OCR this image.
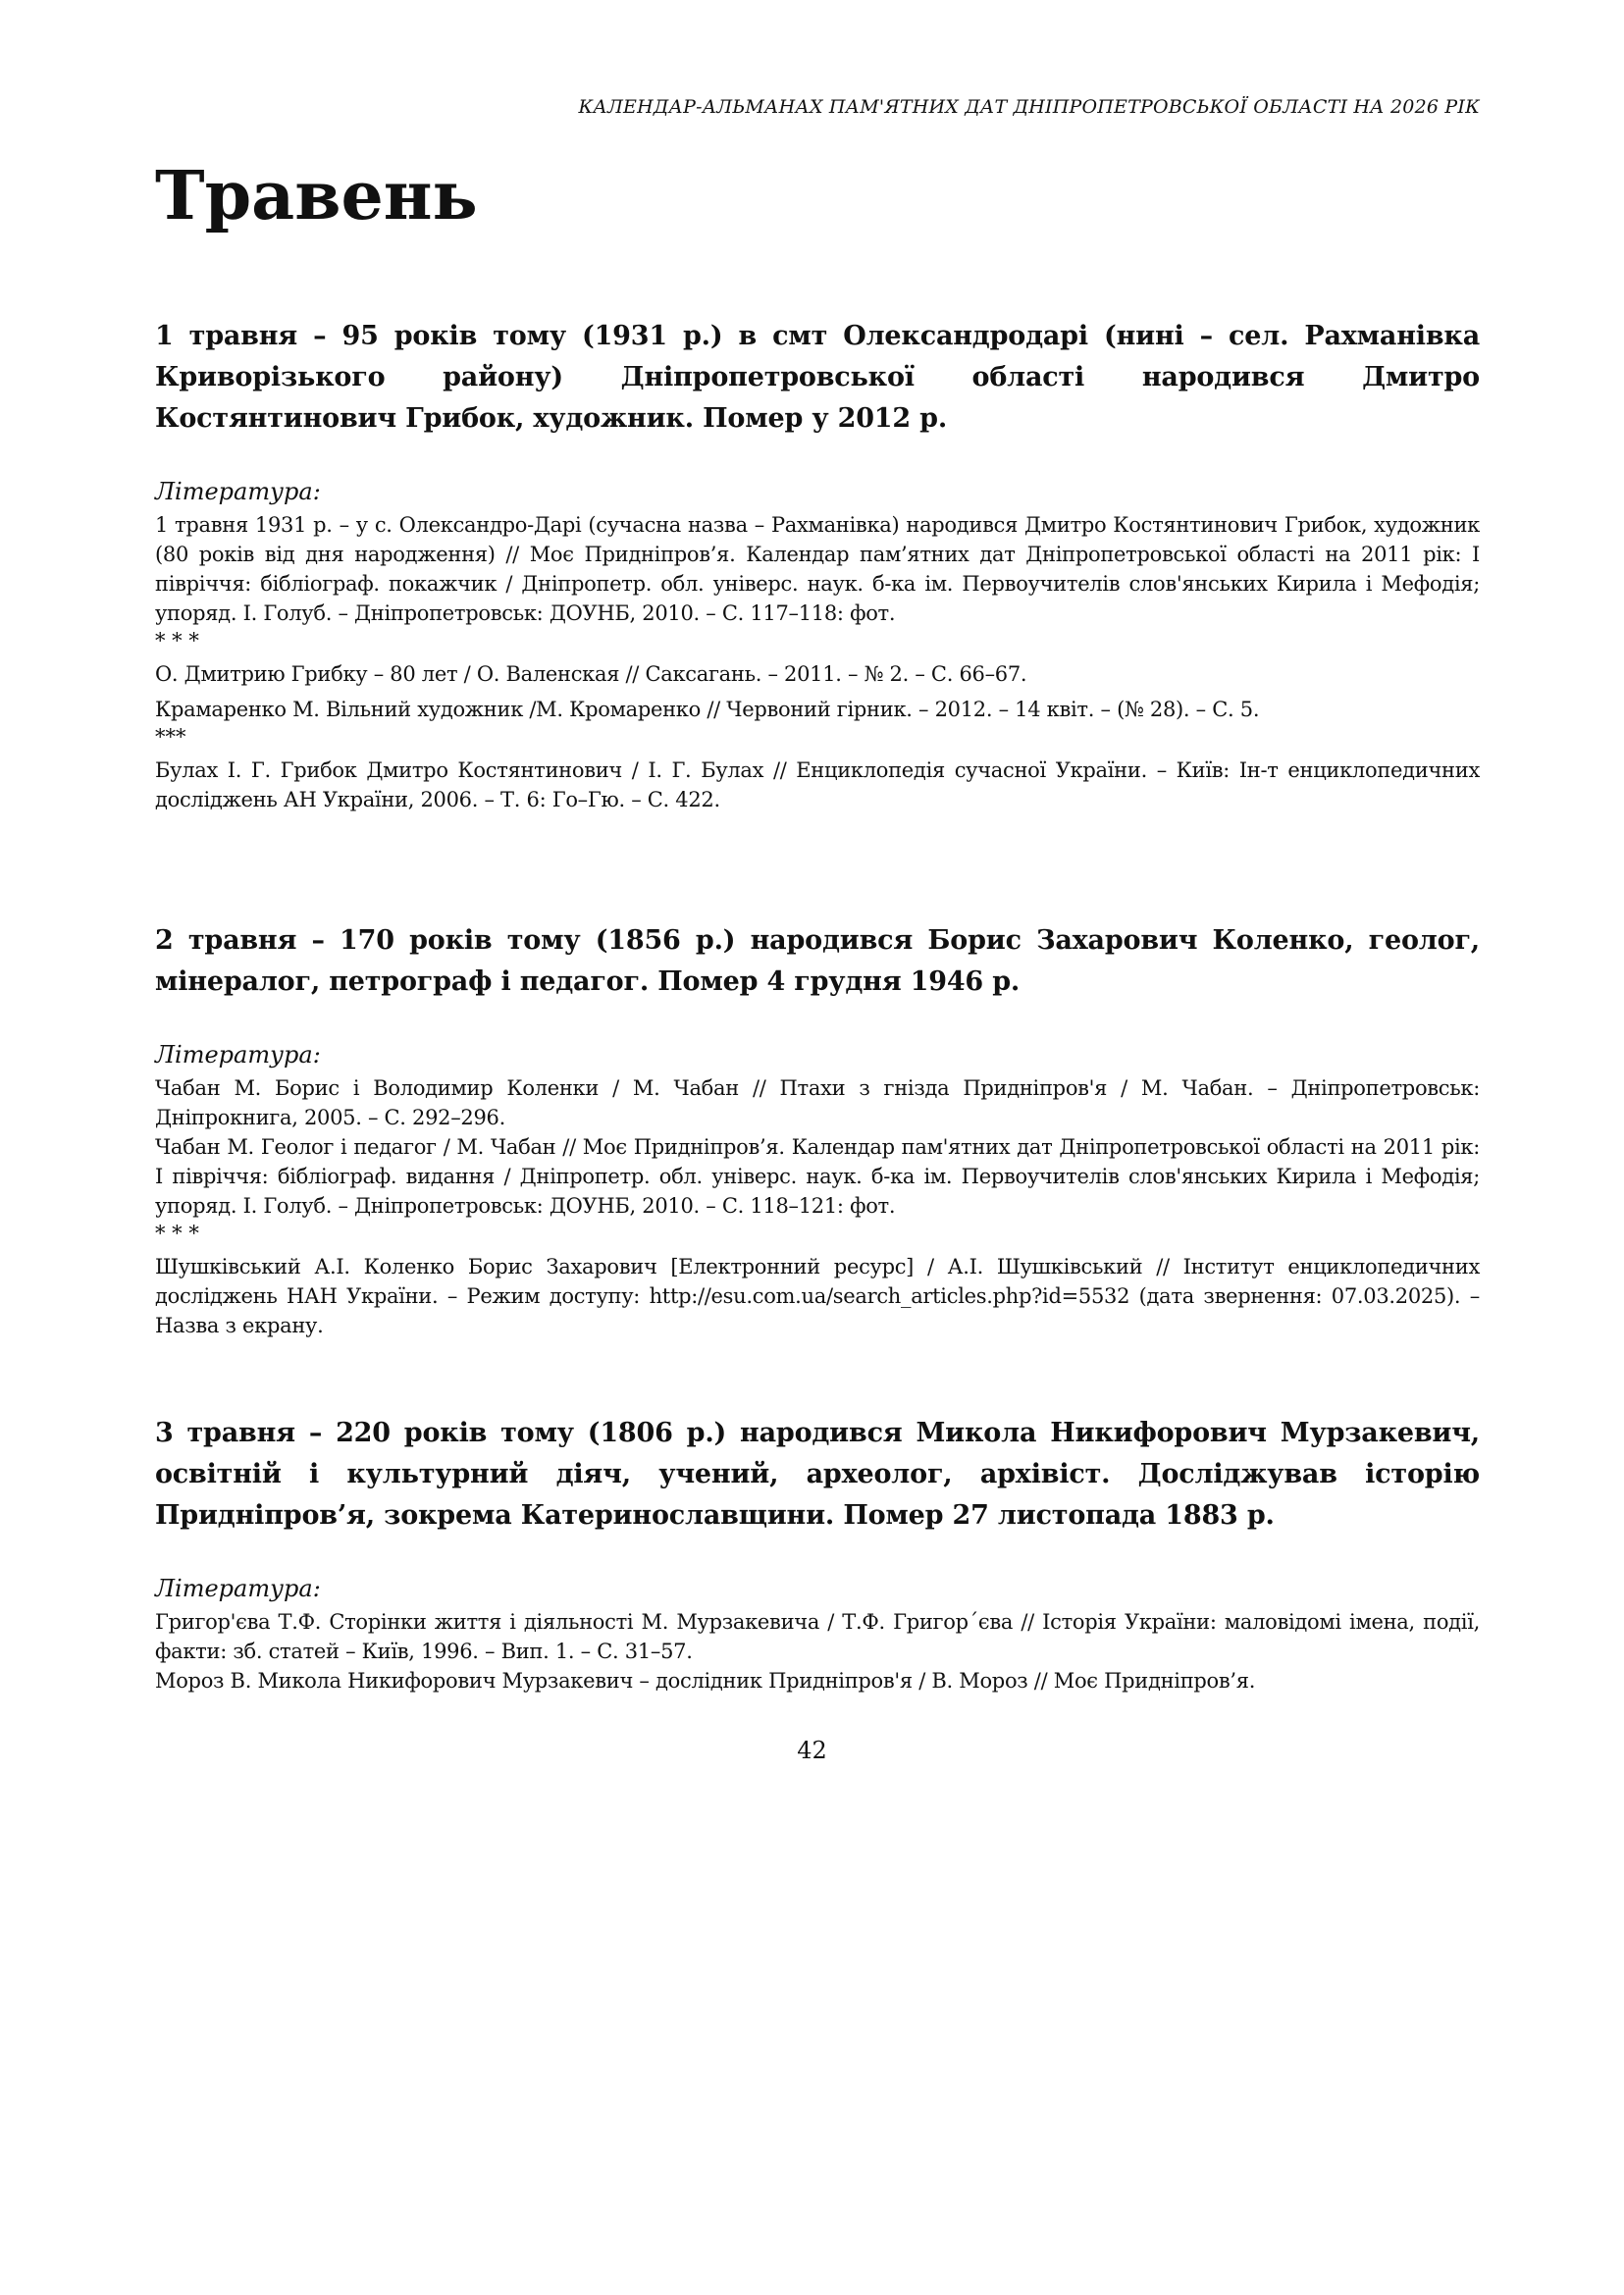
КАЛЕНДАР-АЛЬМАНАХ ПАМ'ЯТНИХ ДАТ ДНІПРОПЕТРОВСЬКОЇ ОБЛАСТІ НА 2026 РІК
Травень

1 травня – 95 років тому (1931 р.) в смт Олександродарі (нині – сел. Рахманівка Криворізького району) Дніпропетровської області народився Дмитро Костянтинович Грибок, художник. Помер у 2012 р.

Література:

1 травня 1931 р. – у с. Олександро-Дарі (сучасна назва – Рахманівка) народився Дмитро Костянтинович Грибок, художник (80 років від дня народження) // Моє Придніпров’я. Календар пам’ятних дат Дніпропетровської області на 2011 рік: І півріччя: бібліограф. покажчик / Дніпропетр. обл. універс. наук. б-ка ім. Первоучителів слов'янських Кирила і Мефодія; упоряд. І. Голуб. – Дніпропетровськ: ДОУНБ, 2010. – С. 117–118: фот.

* * *

О. Дмитрию Грибку – 80 лет / О. Валенская // Саксагань. – 2011. – № 2. – С. 66–67.

Крамаренко М. Вільний художник /М. Кромаренко // Червоний гірник. – 2012. – 14 квіт. – (№ 28). – С. 5.

***

Булах І. Г. Грибок Дмитро Костянтинович / І. Г. Булах // Енциклопедія сучасної України. – Київ: Ін-т енциклопедичних досліджень АН України, 2006. – Т. 6: Го–Гю. – С. 422.

2 травня – 170 років тому (1856 р.) народився Борис Захарович Коленко, геолог, мінералог, петрограф і педагог. Помер 4 грудня 1946 р.

Література:

Чабан М. Борис і Володимир Коленки / М. Чабан // Птахи з гнізда Придніпров'я / М. Чабан. – Дніпропетровськ: Дніпрокнига, 2005. – С. 292–296.

Чабан М. Геолог і педагог / М. Чабан // Моє Придніпров’я. Календар пам'ятних дат Дніпропетровської області на 2011 рік: І півріччя: бібліограф. видання / Дніпропетр. обл. універс. наук. б-ка ім. Первоучителів слов'янських Кирила і Мефодія; упоряд. І. Голуб. – Дніпропетровськ: ДОУНБ, 2010. – С. 118–121: фот.

* * *

Шушківський А.І. Коленко Борис Захарович [Електронний ресурс] / А.І. Шушківський // Інститут енциклопедичних досліджень НАН України. – Режим доступу: http://esu.com.ua/search_articles.php?id=5532 (дата звернення: 07.03.2025). – Назва з екрану.

3 травня – 220 років тому (1806 р.) народився Микола Никифорович Мурзакевич, освітній і культурний діяч, учений, археолог, архівіст. Досліджував історію Придніпров’я, зокрема Катеринославщини. Помер 27 листопада 1883 р.

Література:

Григор'єва Т.Ф. Сторінки життя і діяльності М. Мурзакевича / Т.Ф. Григор´єва // Історія України: маловідомі імена, події, факти: зб. статей – Київ, 1996. – Вип. 1. – С. 31–57.

Мороз В. Микола Никифорович Мурзакевич – дослідник Придніпров'я / В. Мороз // Моє Придніпров’я.

42
